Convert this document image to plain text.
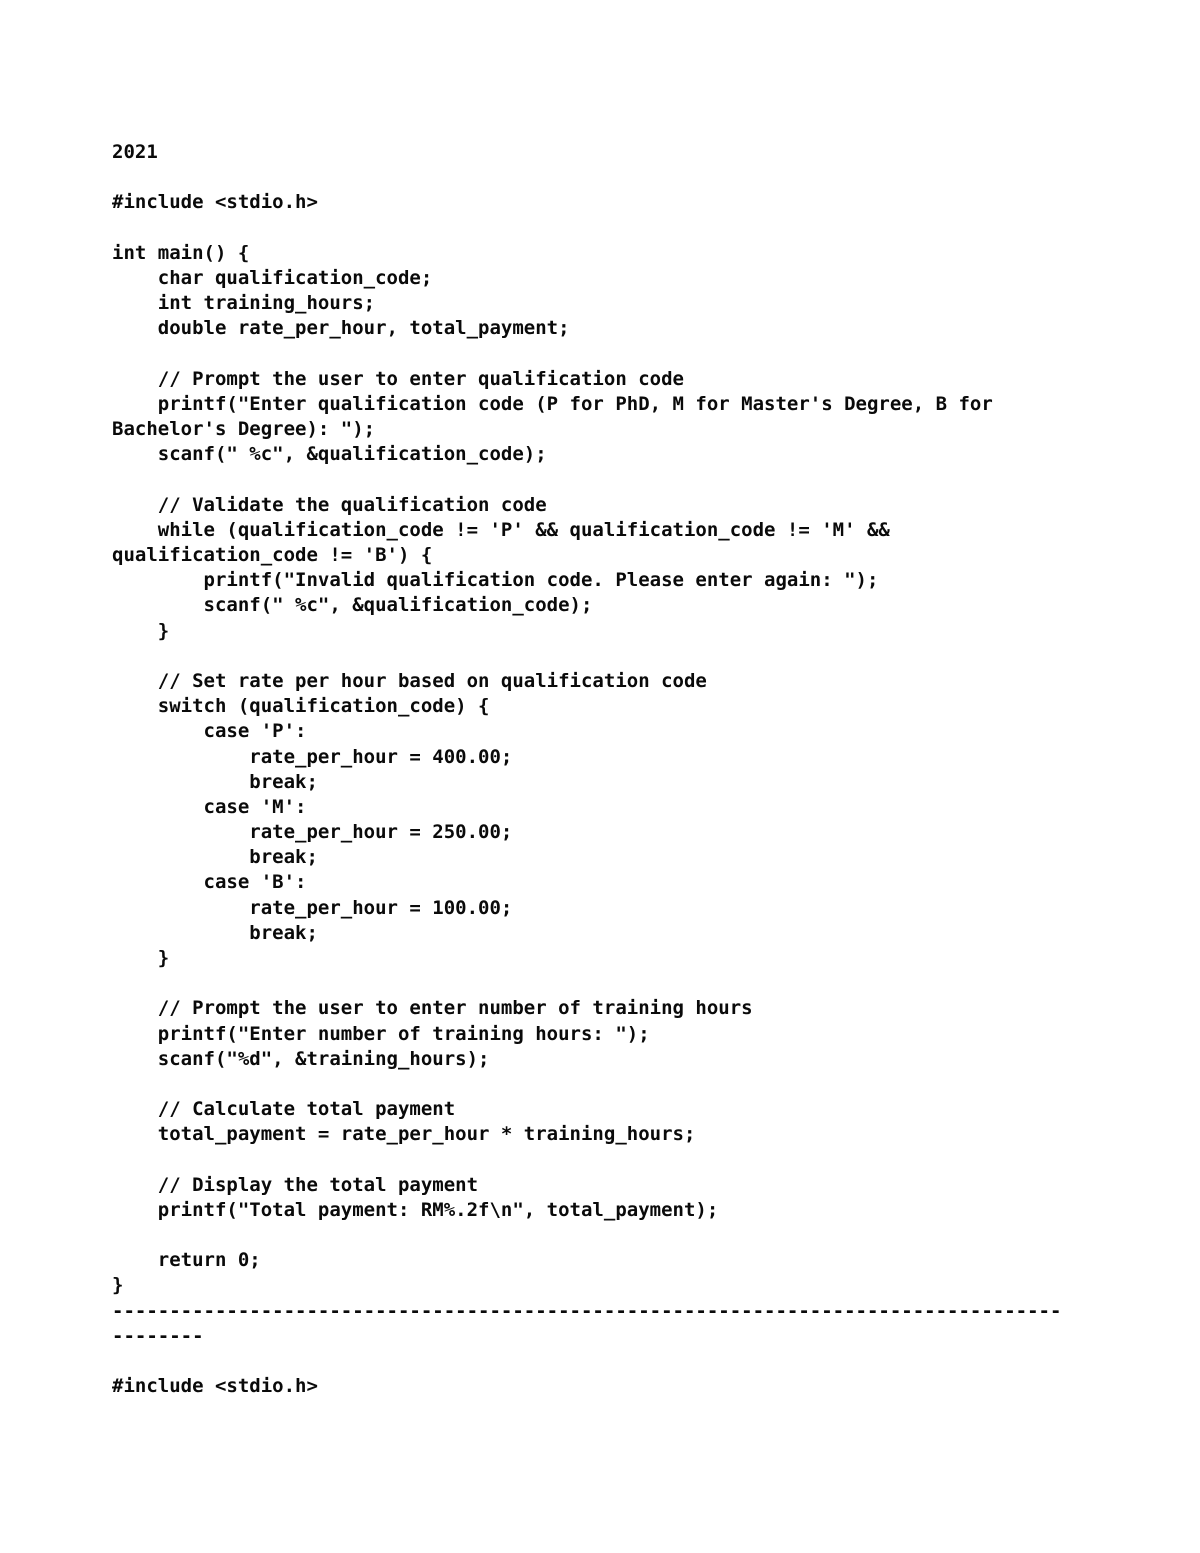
2021
#include <stdio.h>
int main() {
char qualification_code;
int training_hours;
double rate_per_hour, total_payment;
// Prompt the user to enter qualification code
printf("Enter qualification code (P for PhD, M for Master's Degree, B for
Bachelor's Degree): ");
scanf(" %c", &qualification_code);
// Validate the qualification code
while (qualification_code != 'P' && qualification_code != 'M' &&
qualification_code != 'B') {
printf("Invalid qualification code. Please enter again: ");
scanf(" %c", &qualification_code);
}
// Set rate per hour based on qualification code
switch (qualification_code) {
case 'P':
rate_per_hour = 400.00;
break;
case 'M':
rate_per_hour = 250.00;
break;
case 'B':
rate_per_hour = 100.00;
break;
}
// Prompt the user to enter number of training hours
printf("Enter number of training hours: ");
scanf("%d", &training_hours);
// Calculate total payment
total_payment = rate_per_hour * training_hours;
// Display the total payment
printf("Total payment: RM%.2f\n", total_payment);
return 0;
}
-----------------------------------------------------------------------------------
--------
#include <stdio.h>
